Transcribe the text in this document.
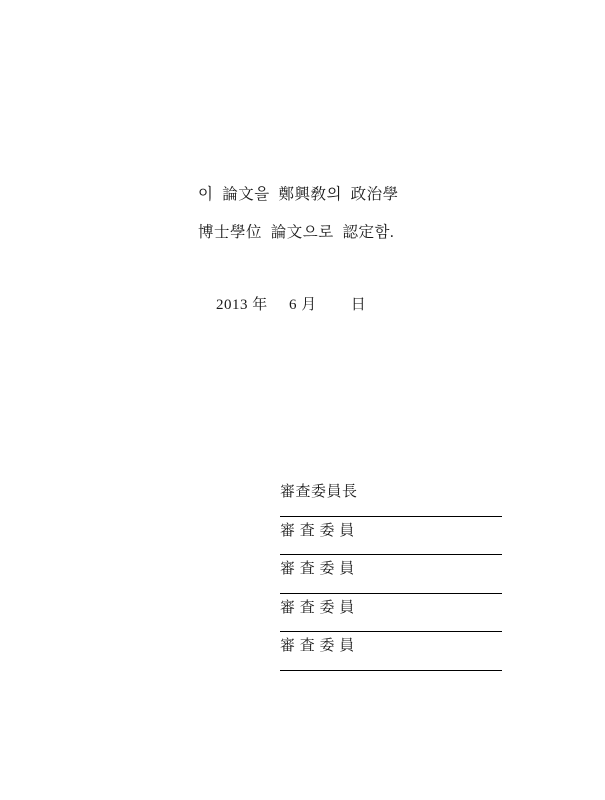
이  論文을  鄭興敎의  政治學
博士學位  論文으로  認定함.
2013 年     6 月        日
審查委員長
審 査 委 員
審 査 委 員
審 査 委 員
審 査 委 員
